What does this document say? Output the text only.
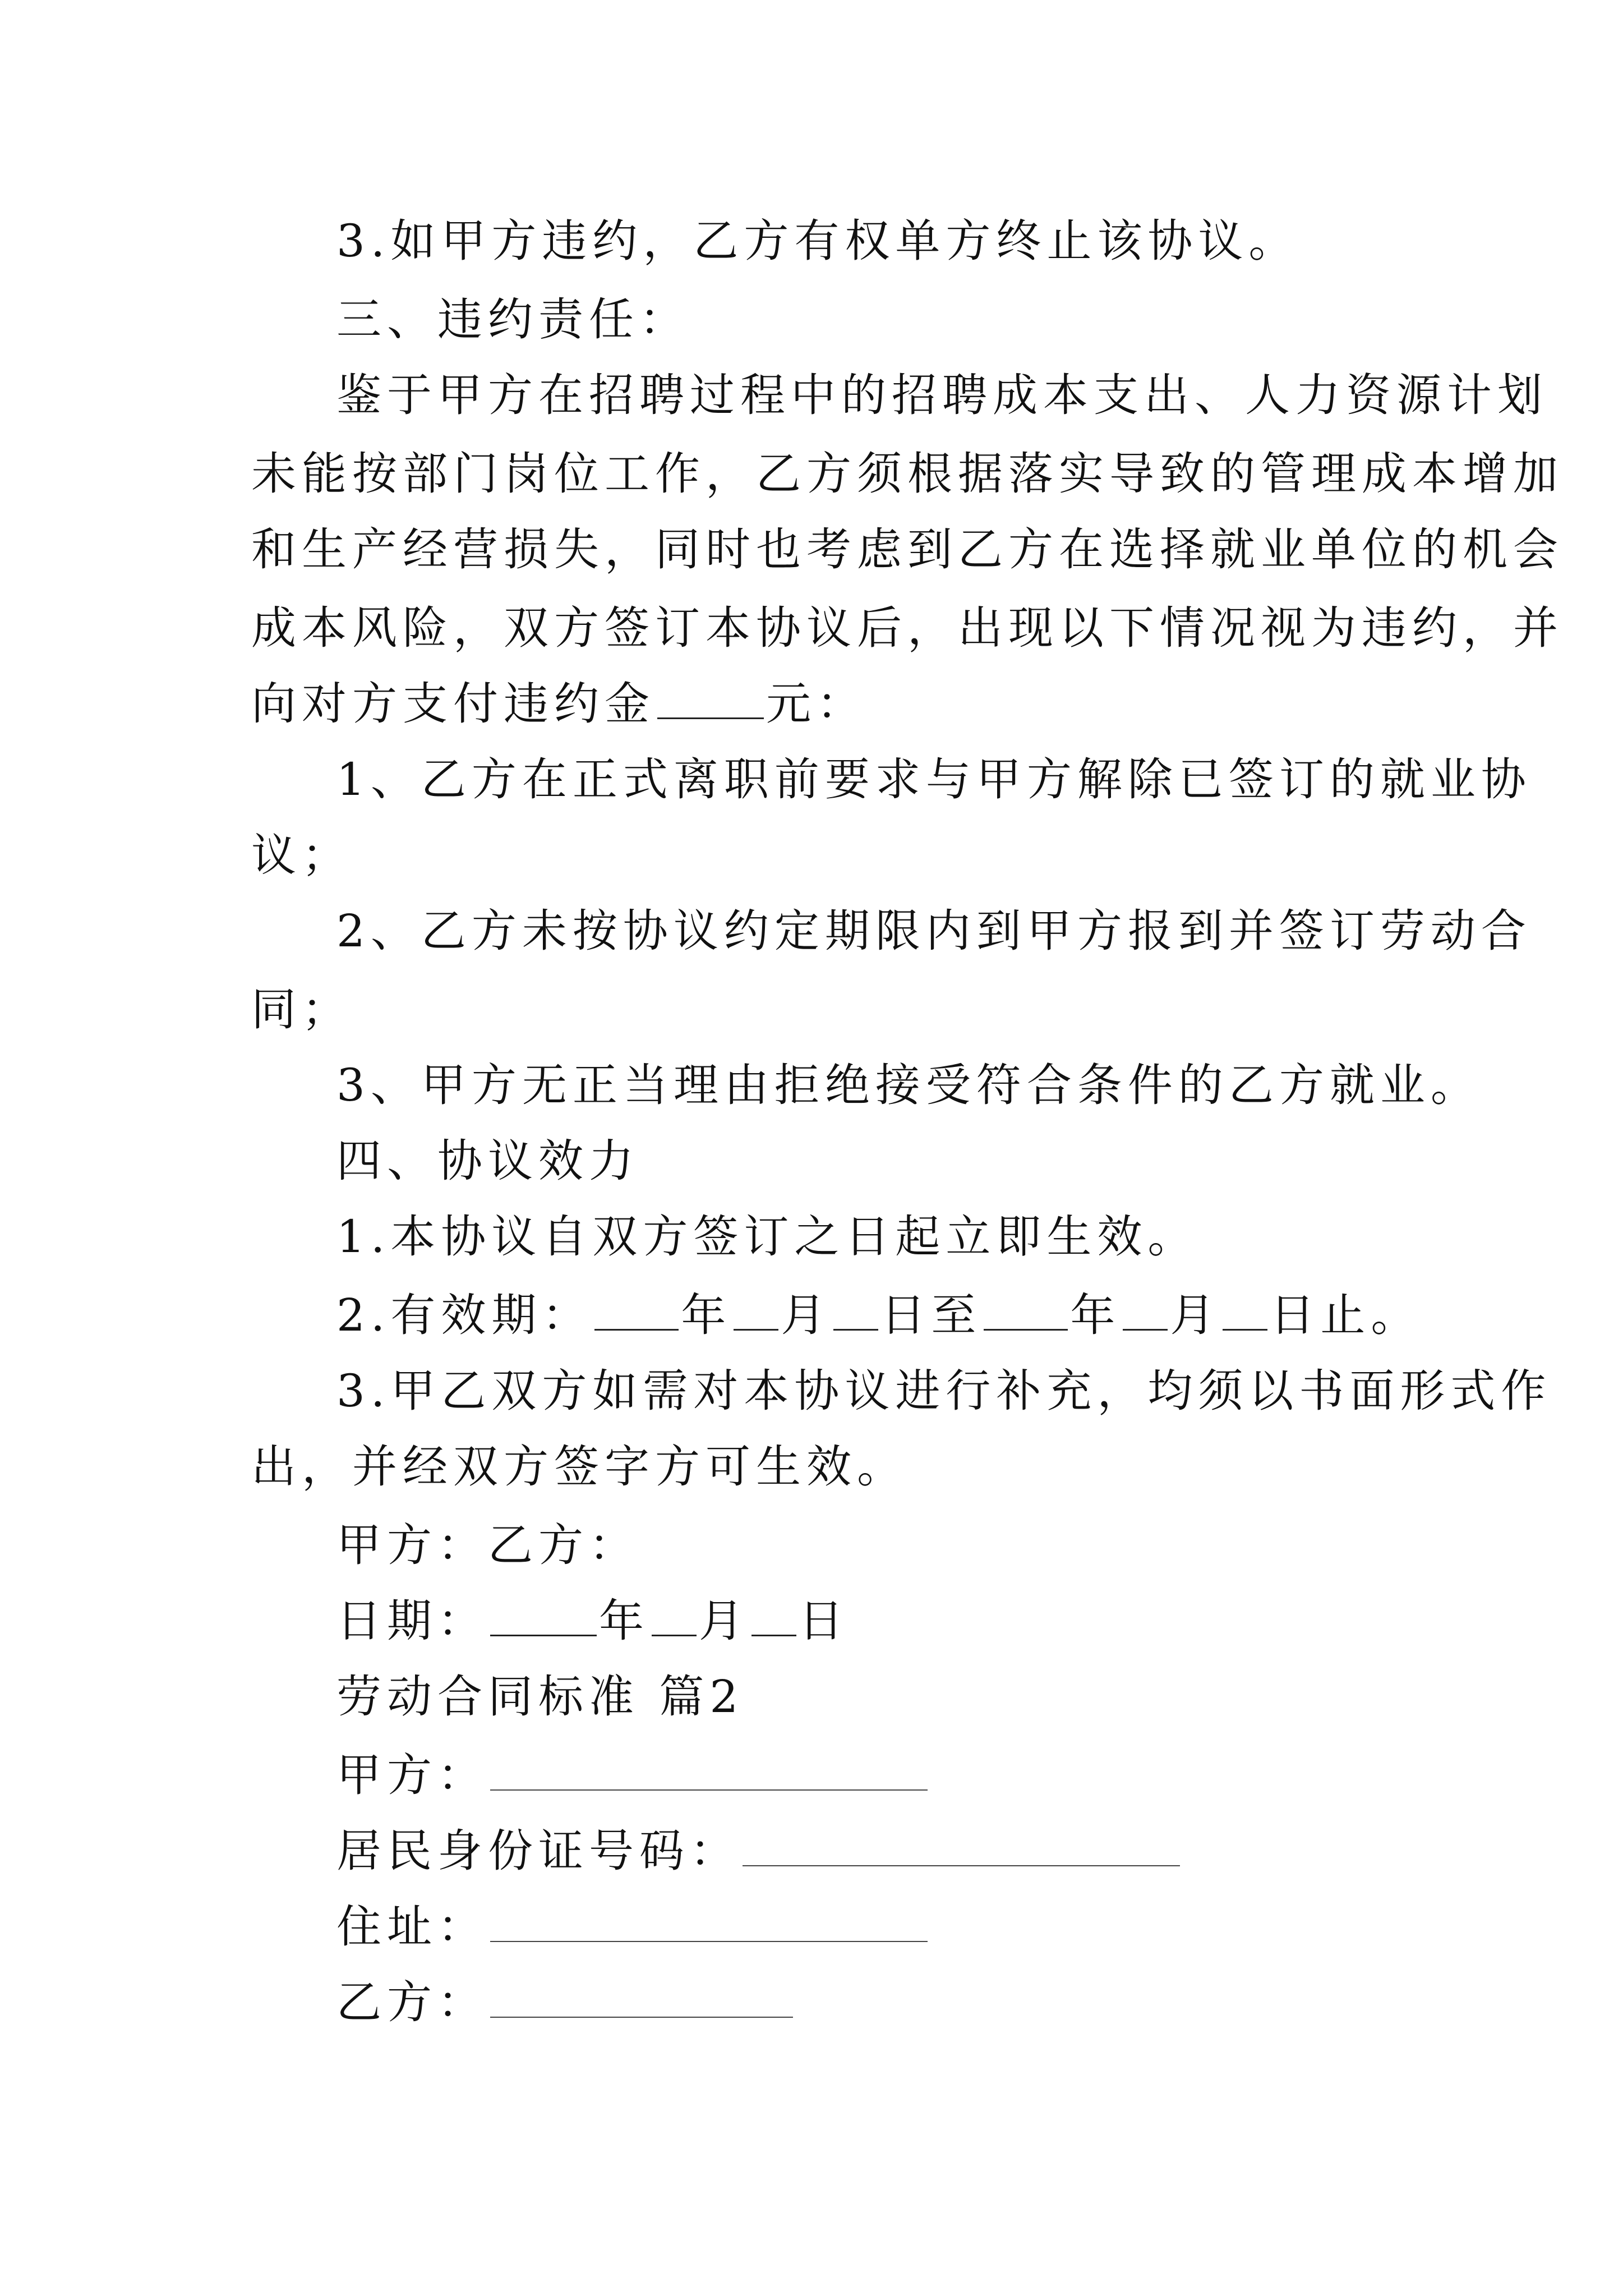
3.如甲方违约，乙方有权单方终止该协议。
三、违约责任：
鉴于甲方在招聘过程中的招聘成本支出、人力资源计划
未能按部门岗位工作，乙方须根据落实导致的管理成本增加
和生产经营损失，同时也考虑到乙方在选择就业单位的机会
成本风险，双方签订本协议后，出现以下情况视为违约，并
向对方支付违约金 元：
1、乙方在正式离职前要求与甲方解除已签订的就业协
议；
2、乙方未按协议约定期限内到甲方报到并签订劳动合
同；
3、甲方无正当理由拒绝接受符合条件的乙方就业。
四、协议效力
1.本协议自双方签订之日起立即生效。
2.有效期： 年 月 日至 年 月 日止。
3.甲乙双方如需对本协议进行补充，均须以书面形式作
出，并经双方签字方可生效。
甲方：乙方：
日期： 年 月 日
劳动合同标准 篇2
甲方：
居民身份证号码：
住址：
乙方：
